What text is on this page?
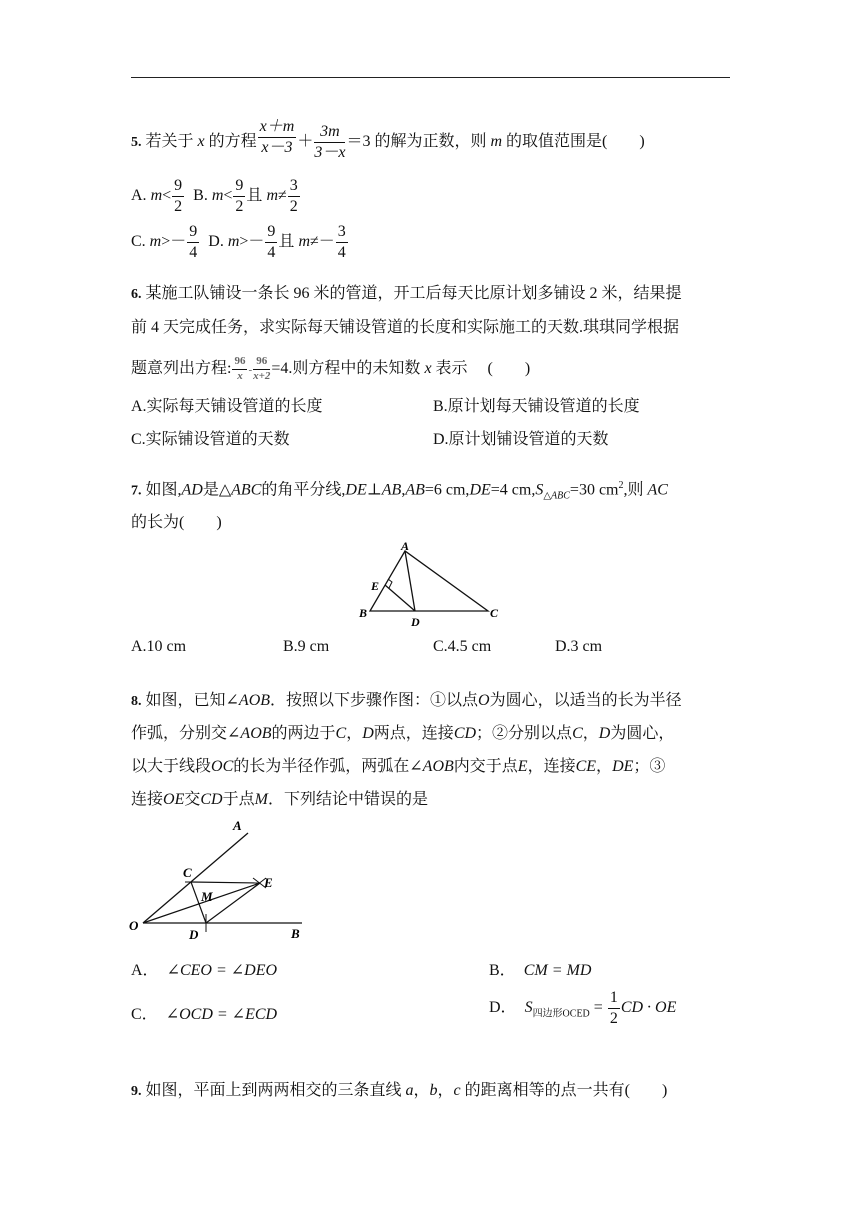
5. 若关于 x 的方程 $\frac{x+m}{x-3} + \frac{3m}{3-x} =3$ 的解为正数，则 m 的取值范围是(　　)
A. $m< \frac{9}{2} B$. $m< \frac{9}{2}$ 且 $m\ne \frac{3}{2}$
C. $m>- \frac{9}{4} D$. $m>- \frac{9}{4}$ 且 $m\ne- \frac{3}{4}$
6. 某施工队铺设一条长 96 米的管道，开工后每天比原计划多铺设 2 米，结果提
前 4 天完成任务，求实际每天铺设管道的长度和实际施工的天数.琪琪同学根据
题意列出方程: $\frac{96}{x} - \frac{96}{x+2} =4$.则方程中的未知数 x 表示　 (　　)
A.实际每天铺设管道的长度	B.原计划每天铺设管道的长度
C.实际铺设管道的天数	D.原计划铺设管道的天数
7. 如图,AD是△ABC的角平分线,DE⊥AB,AB=6 cm,DE=4 $cm,S_{\triangle ABC}=30$ $cm^2$,则 AC
的长为(　　)
A
B	C
D
E
A.10 cm	B.9 cm	C.4.5 cm	D.3 cm
8. 如图，已知∠AOB．按照以下步骤作图：①以点O为圆心，以适当的长为半径
作弧，分别交∠AOB的两边于C，D两点，连接CD；②分别以点C，D为圆心，
以大于线段OC的长为半径作弧，两弧在∠AOB内交于点E，连接CE，DE；③
连接OE交CD于点M．下列结论中错误的是
A
B
C
D
E
M
O
A． ∠CEO = ∠DEO	B． CM = MD
C． ∠OCD = ∠ECD	D． $S_{四边形OCED} = \frac{1}{2}$ CD · OE
9. 如图，平面上到两两相交的三条直线 a，b，c 的距离相等的点一共有(　　)
